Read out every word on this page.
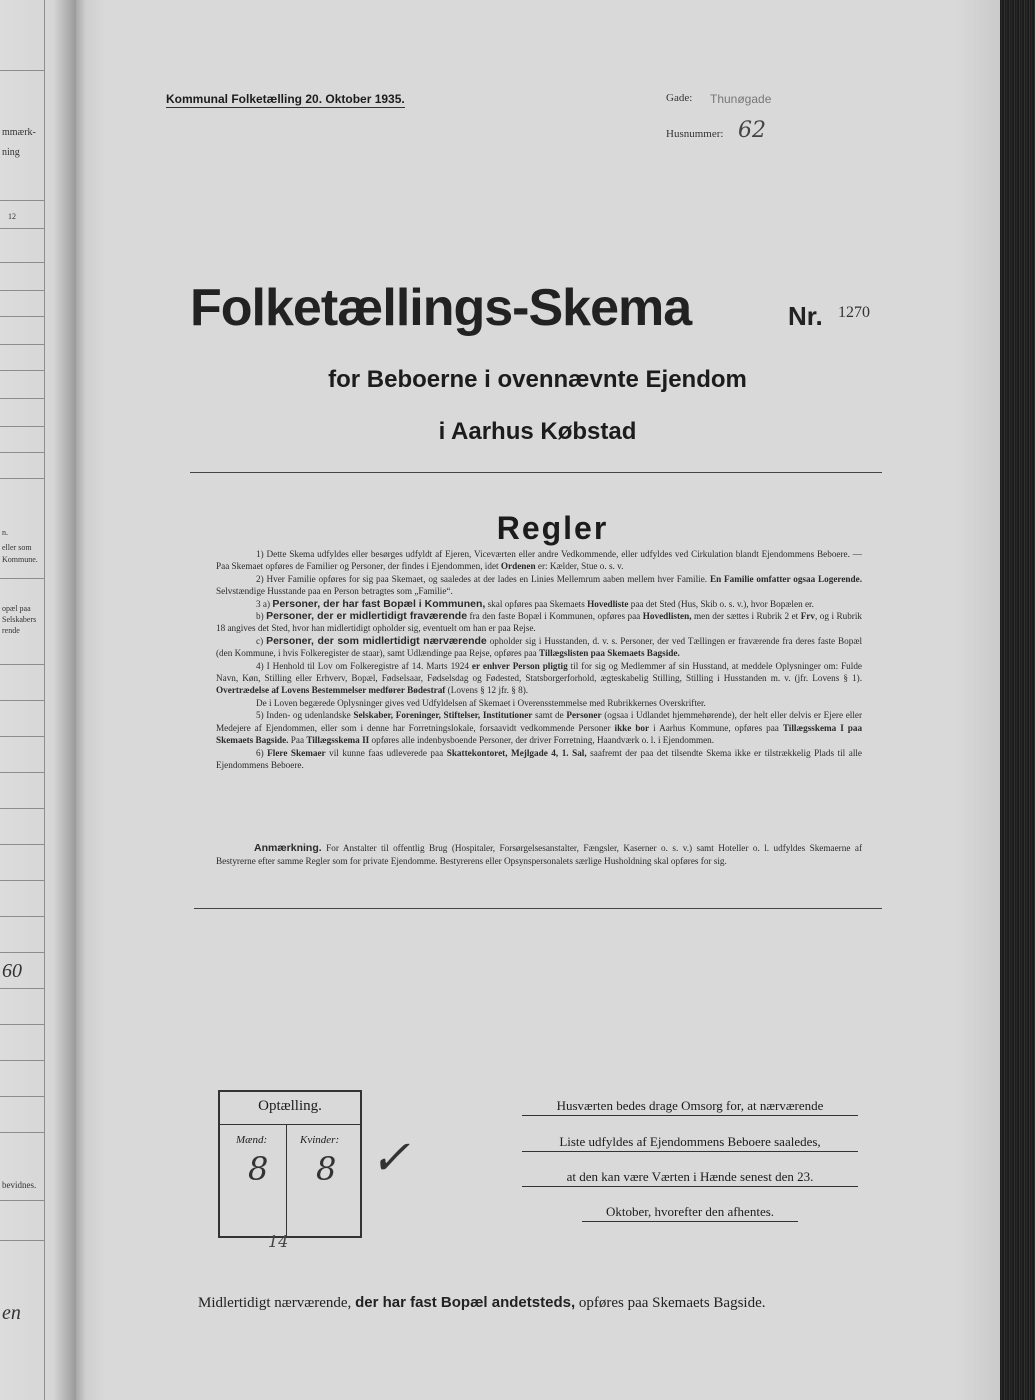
mmærk-
ning
12
n.
eller som
Kommune.
opæl paa
Selskabers
rende
60
bevidnes.
en
Kommunal Folketælling 20. Oktober 1935.	Gade: Thunøgade
Husnummer: 62
Folketællings-Skema	Nr. 1270
for Beboerne i ovennævnte Ejendom
i Aarhus Købstad
Regler

1) Dette Skema udfyldes eller besørges udfyldt af Ejeren, Viceværten eller andre Vedkommende, eller udfyldes ved Cirkulation blandt Ejendommens Beboere. — Paa Skemaet opføres de Familier og Personer, der findes i Ejendommen, idet Ordenen er: Kælder, Stue o. s. v.

2) Hver Familie opføres for sig paa Skemaet, og saaledes at der lades en Linies Mellemrum aaben mellem hver Familie. En Familie omfatter ogsaa Logerende. Selvstændige Husstande paa en Person betragtes som „Familie“.

3 a) Personer, der har fast Bopæl i Kommunen, skal opføres paa Skemaets Hovedliste paa det Sted (Hus, Skib o. s. v.), hvor Bopælen er.

b) Personer, der er midlertidigt fraværende fra den faste Bopæl i Kommunen, opføres paa Hovedlisten, men der sættes i Rubrik 2 et Frv, og i Rubrik 18 angives det Sted, hvor han midlertidigt opholder sig, eventuelt om han er paa Rejse.

c) Personer, der som midlertidigt nærværende opholder sig i Husstanden, d. v. s. Personer, der ved Tællingen er fraværende fra deres faste Bopæl (den Kommune, i hvis Folkeregister de staar), samt Udlændinge paa Rejse, opføres paa Tillægslisten paa Skemaets Bagside.

4) I Henhold til Lov om Folkeregistre af 14. Marts 1924 er enhver Person pligtig til for sig og Medlemmer af sin Husstand, at meddele Oplysninger om: Fulde Navn, Køn, Stilling eller Erhverv, Bopæl, Fødselsaar, Fødselsdag og Fødested, Statsborgerforhold, ægteskabelig Stilling, Stilling i Husstanden m. v. (jfr. Lovens § 1). Overtrædelse af Lovens Bestemmelser medfører Bødestraf (Lovens § 12 jfr. § 8).

De i Loven begærede Oplysninger gives ved Udfyldelsen af Skemaet i Overensstemmelse med Rubrikkernes Overskrifter.

5) Inden- og udenlandske Selskaber, Foreninger, Stiftelser, Institutioner samt de Personer (ogsaa i Udlandet hjemmehørende), der helt eller delvis er Ejere eller Medejere af Ejendommen, eller som i denne har Forretningslokale, forsaavidt vedkommende Personer ikke bor i Aarhus Kommune, opføres paa Tillægsskema I paa Skemaets Bagside. Paa Tillægsskema II opføres alle indenbysboende Personer, der driver Forretning, Haandværk o. l. i Ejendommen.

6) Flere Skemaer vil kunne faas udleverede paa Skattekontoret, Mejlgade 4, 1. Sal, saafremt der paa det tilsendte Skema ikke er tilstrækkelig Plads til alle Ejendommens Beboere.

Anmærkning. For Anstalter til offentlig Brug (Hospitaler, Forsørgelsesanstalter, Fængsler, Kaserner o. s. v.) samt Hoteller o. l. udfyldes Skemaerne af Bestyrerne efter samme Regler som for private Ejendomme. Bestyrerens eller Opsynspersonalets særlige Husholdning skal opføres for sig.
Optælling.
Mænd:	Kvinder:
8 8
14
✓
Husværten bedes drage Omsorg for, at nærværende
Liste udfyldes af Ejendommens Beboere saaledes,
at den kan være Værten i Hænde senest den 23.
Oktober, hvorefter den afhentes.
Midlertidigt nærværende, der har fast Bopæl andetsteds, opføres paa Skemaets Bagside.
